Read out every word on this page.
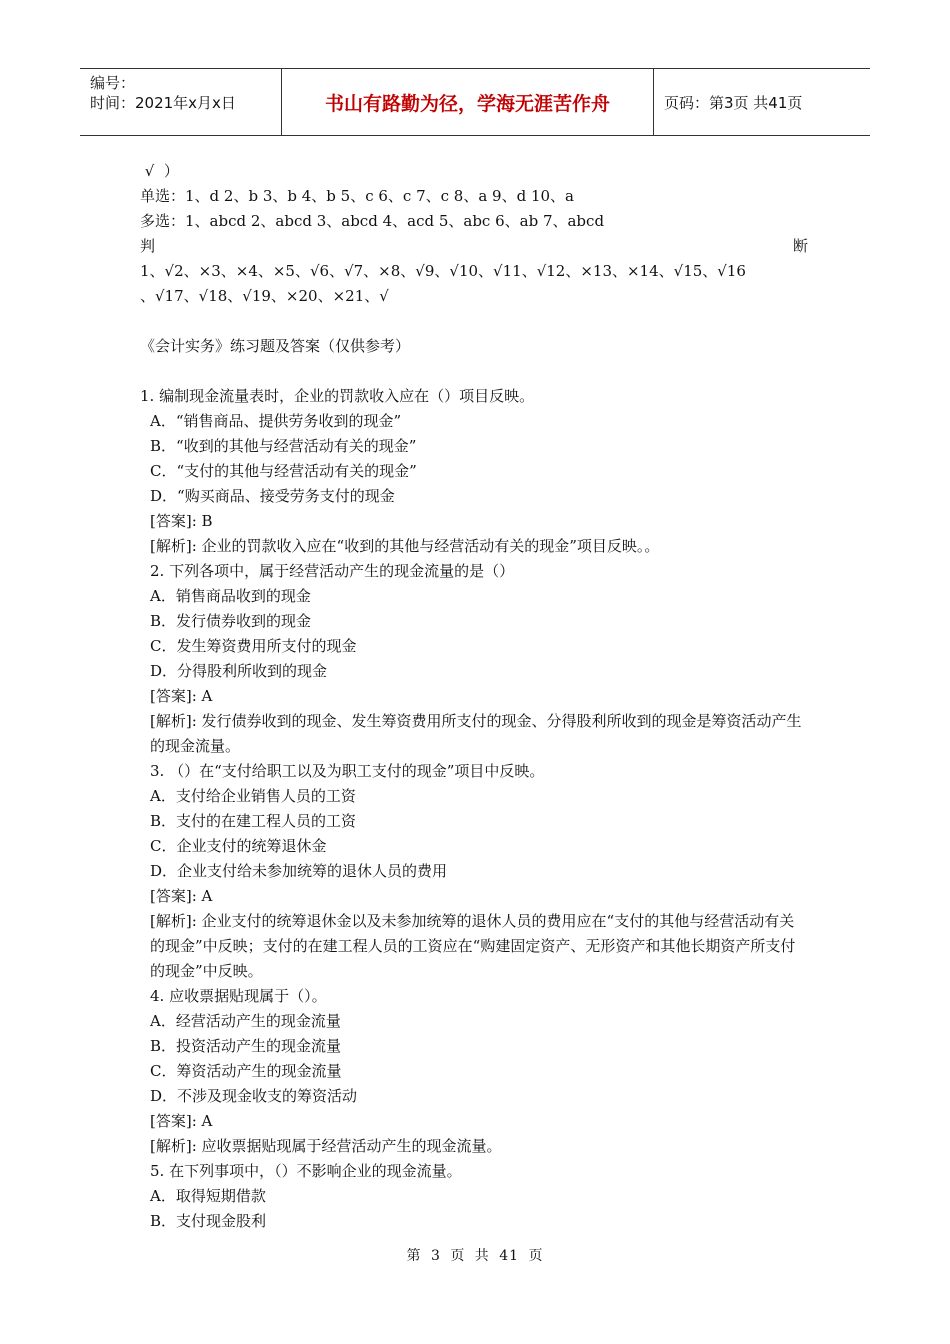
编号：
时间：2021年x月x日	书山有路勤为径，学海无涯苦作舟	页码：第3页 共41页
√  ）
单选：1、d 2、b 3、b 4、b 5、c 6、c 7、c 8、a 9、d 10、a
多选：1、abcd 2、abcd 3、abcd 4、acd 5、abc 6、ab 7、abcd
判	断
1、√2、×3、×4、×5、√6、√7、×8、√9、√10、√11、√12、×13、×14、√15、√16
、√17、√18、√19、×20、×21、√
《会计实务》练习题及答案（仅供参考）
1. 编制现金流量表时，企业的罚款收入应在（）项目反映。
A．“销售商品、提供劳务收到的现金”
B．“收到的其他与经营活动有关的现金”
C．“支付的其他与经营活动有关的现金”
D．“购买商品、接受劳务支付的现金
[答案]: B
[解析]: 企业的罚款收入应在“收到的其他与经营活动有关的现金”项目反映。。
2. 下列各项中，属于经营活动产生的现金流量的是（）
A．销售商品收到的现金
B．发行债券收到的现金
C．发生筹资费用所支付的现金
D．分得股利所收到的现金
[答案]: A
[解析]: 发行债券收到的现金、发生筹资费用所支付的现金、分得股利所收到的现金是筹资活动产生的现金流量。
3. （）在“支付给职工以及为职工支付的现金”项目中反映。
A．支付给企业销售人员的工资
B．支付的在建工程人员的工资
C．企业支付的统筹退休金
D．企业支付给未参加统筹的退休人员的费用
[答案]: A
[解析]: 企业支付的统筹退休金以及未参加统筹的退休人员的费用应在“支付的其他与经营活动有关的现金”中反映；支付的在建工程人员的工资应在“购建固定资产、无形资产和其他长期资产所支付的现金”中反映。
4. 应收票据贴现属于（）。
A．经营活动产生的现金流量
B．投资活动产生的现金流量
C．筹资活动产生的现金流量
D．不涉及现金收支的筹资活动
[答案]: A
[解析]: 应收票据贴现属于经营活动产生的现金流量。
5. 在下列事项中，（）不影响企业的现金流量。
A．取得短期借款
B．支付现金股利
第 3 页 共 41 页
